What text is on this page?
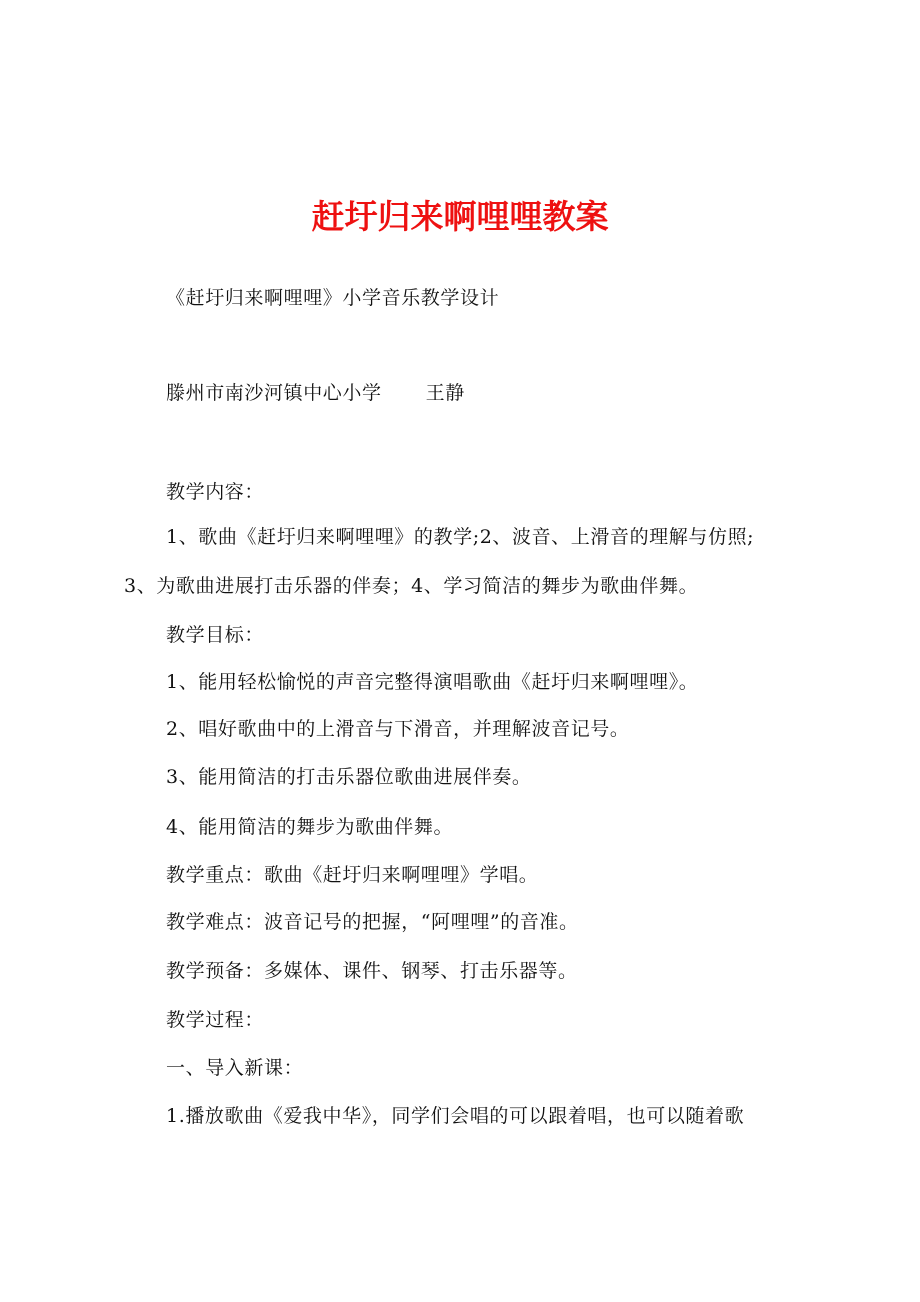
赶圩归来啊哩哩教案
《赶圩归来啊哩哩》小学音乐教学设计
滕州市南沙河镇中心小学 王静
教学内容：
1、歌曲《赶圩归来啊哩哩》的教学;2、波音、上滑音的理解与仿照;
3、为歌曲进展打击乐器的伴奏；4、学习简洁的舞步为歌曲伴舞。
教学目标：
1、能用轻松愉悦的声音完整得演唱歌曲《赶圩归来啊哩哩》。
2、唱好歌曲中的上滑音与下滑音，并理解波音记号。
3、能用简洁的打击乐器位歌曲进展伴奏。
4、能用简洁的舞步为歌曲伴舞。
教学重点：歌曲《赶圩归来啊哩哩》学唱。
教学难点：波音记号的把握，“阿哩哩”的音准。
教学预备：多媒体、课件、钢琴、打击乐器等。
教学过程：
一、导入新课：
1.播放歌曲《爱我中华》，同学们会唱的可以跟着唱，也可以随着歌
